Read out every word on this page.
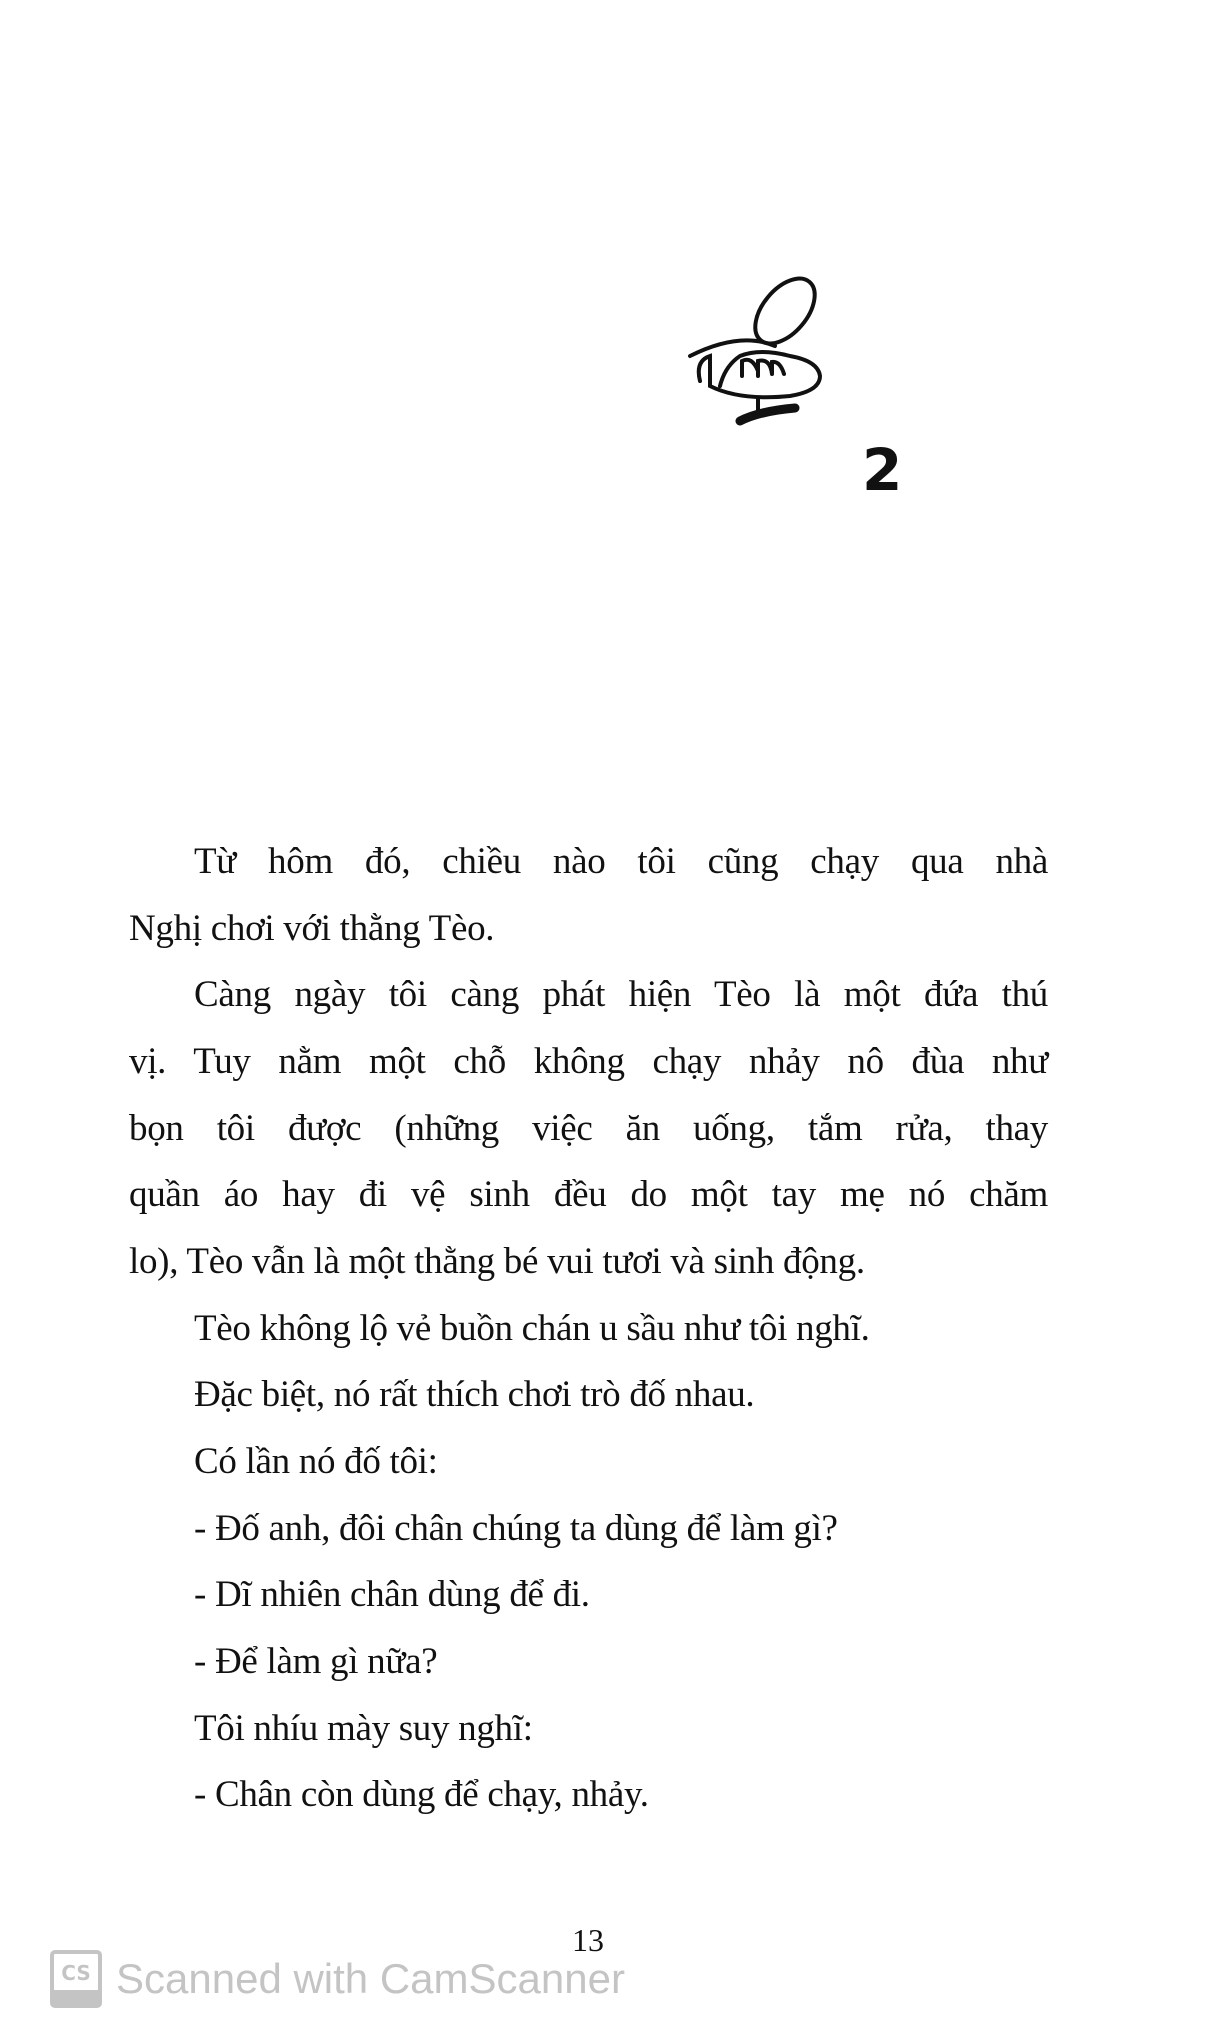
2
Từ hôm đó, chiều nào tôi cũng chạy qua nhà
Nghị chơi với thằng Tèo.
Càng ngày tôi càng phát hiện Tèo là một đứa thú
vị. Tuy nằm một chỗ không chạy nhảy nô đùa như
bọn tôi được (những việc ăn uống, tắm rửa, thay
quần áo hay đi vệ sinh đều do một tay mẹ nó chăm
lo), Tèo vẫn là một thằng bé vui tươi và sinh động.
Tèo không lộ vẻ buồn chán u sầu như tôi nghĩ.
Đặc biệt, nó rất thích chơi trò đố nhau.
Có lần nó đố tôi:
- Đố anh, đôi chân chúng ta dùng để làm gì?
- Dĩ nhiên chân dùng để đi.
- Để làm gì nữa?
Tôi nhíu mày suy nghĩ:
- Chân còn dùng để chạy, nhảy.
13
CS Scanned with CamScanner
